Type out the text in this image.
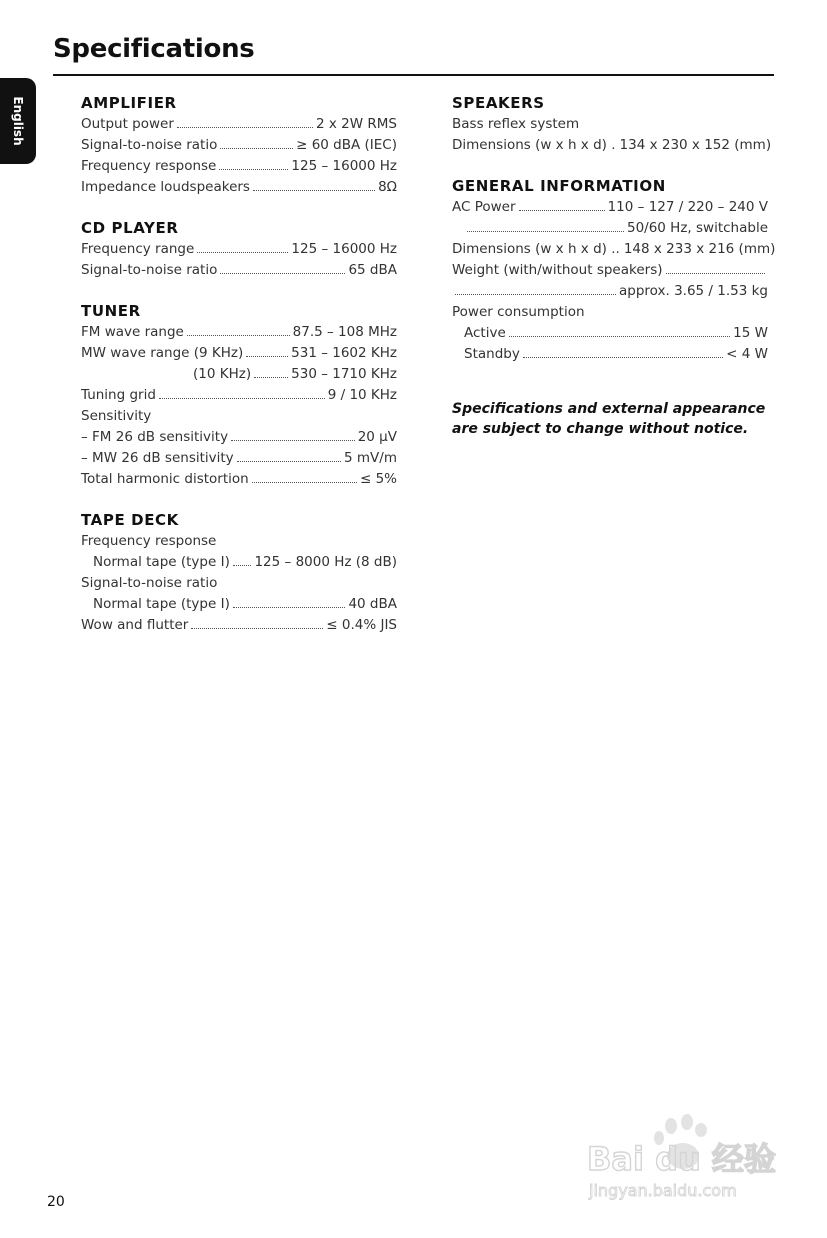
Specifications
English	AMPLIFIER
Output power	2 x 2W RMS
Signal-to-noise ratio	≥ 60 dBA (IEC)
Frequency response	125 – 16000 Hz
Impedance loudspeakers	8Ω
CD PLAYER
Frequency range	125 – 16000 Hz
Signal-to-noise ratio	65 dBA
TUNER
FM wave range	87.5 – 108 MHz
MW wave range (9 KHz)	531 – 1602 KHz
(10 KHz)	530 – 1710 KHz
Tuning grid	9 / 10 KHz
Sensitivity
– FM 26 dB sensitivity	20 µV
– MW 26 dB sensitivity	5 mV/m
Total harmonic distortion	≤ 5%
TAPE DECK
Frequency response
Normal tape (type I) 125 – 8000 Hz (8 dB)
Signal-to-noise ratio
Normal tape (type I)	40 dBA
Wow and flutter	≤ 0.4% JIS
SPEAKERS
Bass reflex system
Dimensions (w x h x d) . 134 x 230 x 152 (mm)
GENERAL INFORMATION
AC Power	110 – 127 / 220 – 240 V
50/60 Hz, switchable
Dimensions (w x h x d) .. 148 x 233 x 216 (mm)
Weight (with/without speakers)
approx. 3.65 / 1.53 kg
Power consumption
Active	15 W
Standby	< 4 W
Specifications and external appearance are subject to change without notice.
Bai du 经验
jingyan.baidu.com
20
